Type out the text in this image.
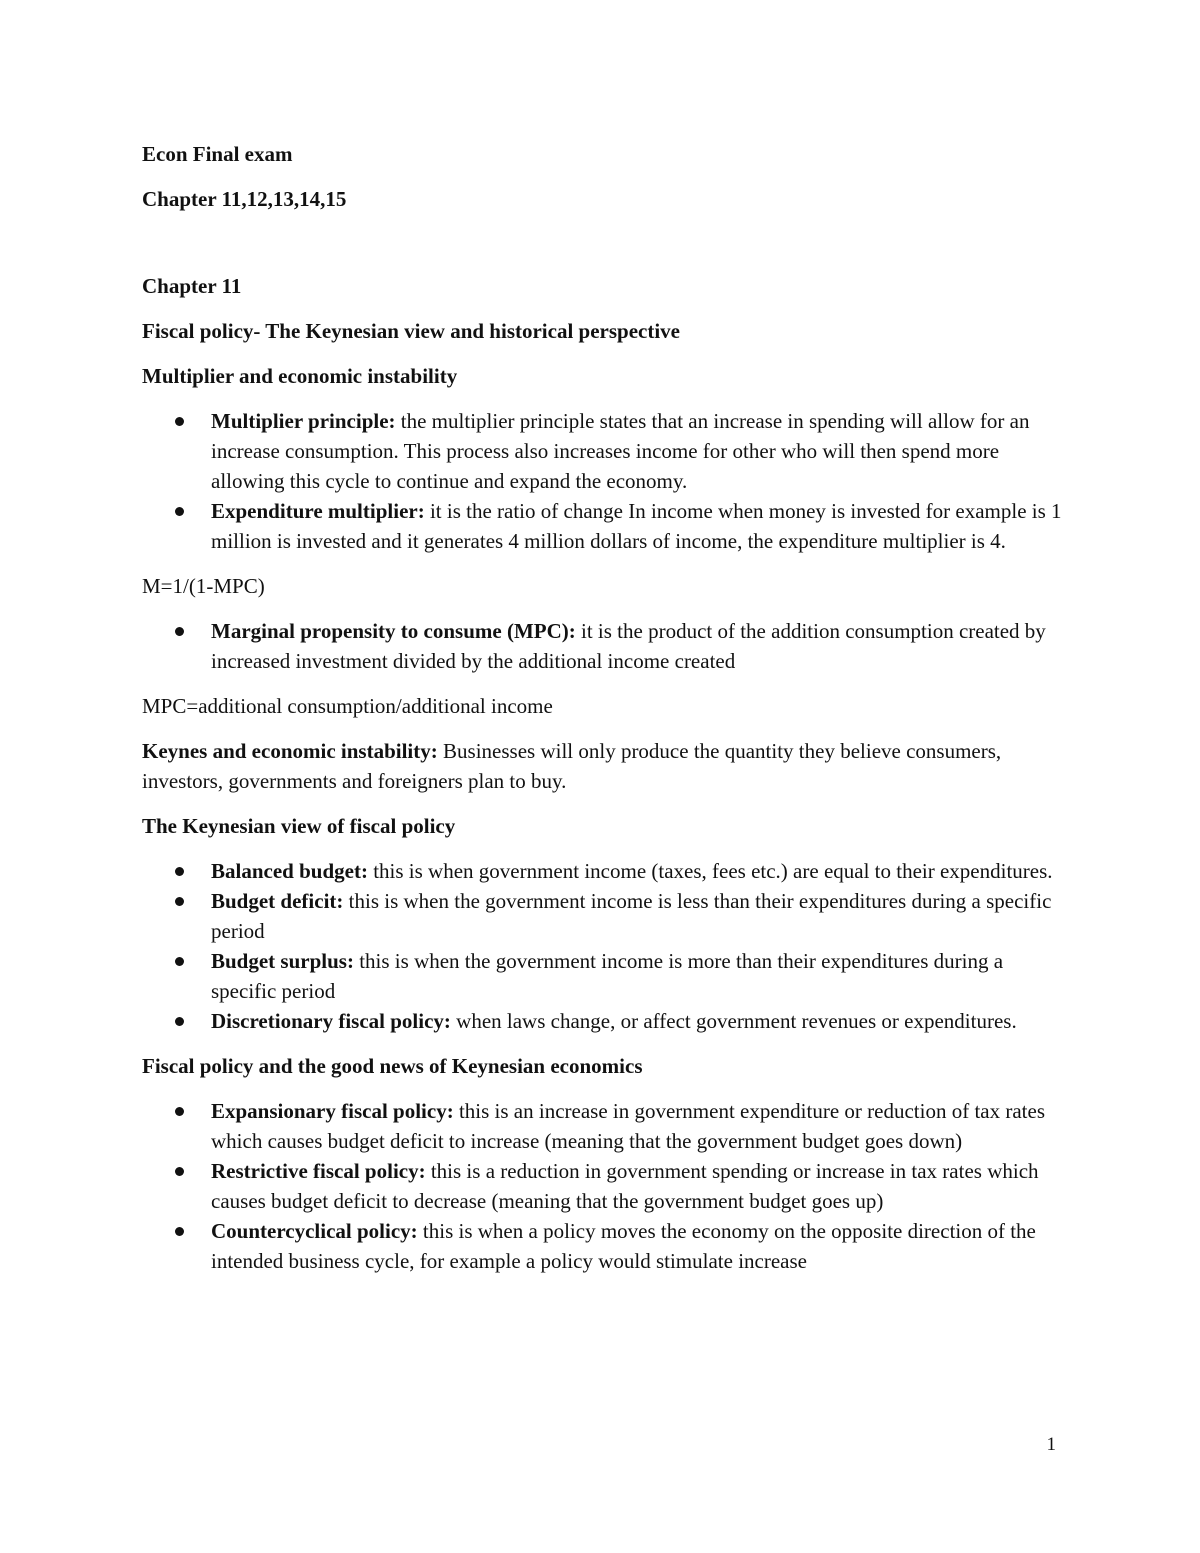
Econ Final exam

Chapter 11,12,13,14,15

Chapter 11

Fiscal policy- The Keynesian view and historical perspective

Multiplier and economic instability

Multiplier principle: the multiplier principle states that an increase in spending will allow for an increase consumption. This process also increases income for other who will then spend more allowing this cycle to continue and expand the economy.
Expenditure multiplier: it is the ratio of change In income when money is invested for example is 1 million is invested and it generates 4 million dollars of income, the expenditure multiplier is 4.

M=1/(1-MPC)

Marginal propensity to consume (MPC): it is the product of the addition consumption created by increased investment divided by the additional income created

MPC=additional consumption/additional income

Keynes and economic instability: Businesses will only produce the quantity they believe consumers, investors, governments and foreigners plan to buy.

The Keynesian view of fiscal policy

Balanced budget: this is when government income (taxes, fees etc.) are equal to their expenditures.
Budget deficit: this is when the government income is less than their expenditures during a specific period
Budget surplus: this is when the government income is more than their expenditures during a specific period
Discretionary fiscal policy: when laws change, or affect government revenues or expenditures.

Fiscal policy and the good news of Keynesian economics

Expansionary fiscal policy: this is an increase in government expenditure or reduction of tax rates which causes budget deficit to increase (meaning that the government budget goes down)
Restrictive fiscal policy: this is a reduction in government spending or increase in tax rates which causes budget deficit to decrease (meaning that the government budget goes up)
Countercyclical policy: this is when a policy moves the economy on the opposite direction of the intended business cycle, for example a policy would stimulate increase
1
